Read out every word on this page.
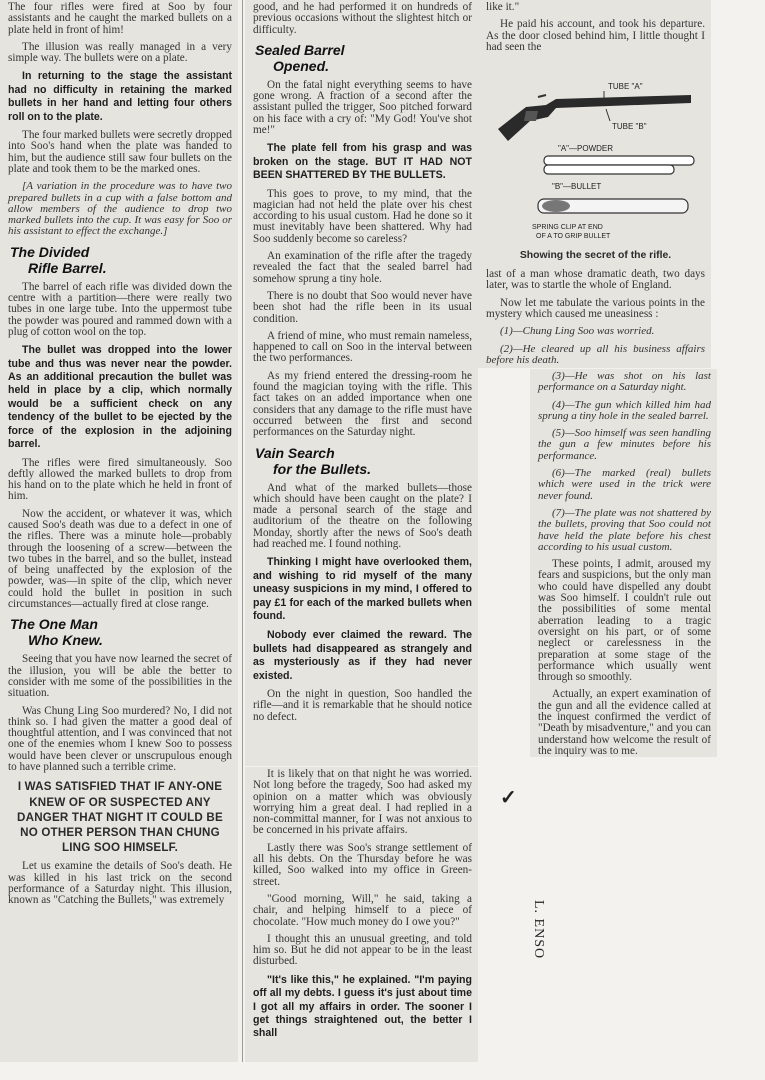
The four rifles were fired at Soo by four assistants and he caught the marked bullets on a plate held in front of him!

The illusion was really managed in a very simple way. The bullets were on a plate.

In returning to the stage the assistant had no difficulty in retaining the marked bullets in her hand and letting four others roll on to the plate.

The four marked bullets were secretly dropped into Soo's hand when the plate was handed to him, but the audience still saw four bullets on the plate and took them to be the marked ones.

[A variation in the procedure was to have two prepared bullets in a cup with a false bottom and allow members of the audience to drop two marked bullets into the cup. It was easy for Soo or his assistant to effect the exchange.]

The Divided
Rifle Barrel.

The barrel of each rifle was divided down the centre with a partition—there were really two tubes in one large tube. Into the uppermost tube the powder was poured and rammed down with a plug of cotton wool on the top.

The bullet was dropped into the lower tube and thus was never near the powder. As an additional precaution the bullet was held in place by a clip, which normally would be a sufficient check on any tendency of the bullet to be ejected by the force of the explosion in the adjoining barrel.

The rifles were fired simultaneously. Soo deftly allowed the marked bullets to drop from his hand on to the plate which he held in front of him.

Now the accident, or whatever it was, which caused Soo's death was due to a defect in one of the rifles. There was a minute hole—probably through the loosening of a screw—between the two tubes in the barrel, and so the bullet, instead of being unaffected by the explosion of the powder, was—in spite of the clip, which never could hold the bullet in position in such circumstances—actually fired at close range.

The One Man
Who Knew.

Seeing that you have now learned the secret of the illusion, you will be able the better to consider with me some of the possibilities in the situation.

Was Chung Ling Soo murdered? No, I did not think so. I had given the matter a good deal of thoughtful attention, and I was convinced that not one of the enemies whom I knew Soo to possess would have been clever or unscrupulous enough to have planned such a terrible crime.

I WAS SATISFIED THAT IF ANY-ONE KNEW OF OR SUSPECTED ANY DANGER THAT NIGHT IT COULD BE NO OTHER PERSON THAN CHUNG LING SOO HIMSELF.

Let us examine the details of Soo's death. He was killed in his last trick on the second performance of a Saturday night. This illusion, known as "Catching the Bullets," was extremely

good, and he had performed it on hundreds of previous occasions without the slightest hitch or difficulty.

Sealed Barrel
Opened.

On the fatal night everything seems to have gone wrong. A fraction of a second after the assistant pulled the trigger, Soo pitched forward on his face with a cry of: "My God! You've shot me!"

The plate fell from his grasp and was broken on the stage. BUT IT HAD NOT BEEN SHATTERED BY THE BULLETS.

This goes to prove, to my mind, that the magician had not held the plate over his chest according to his usual custom. Had he done so it must inevitably have been shattered. Why had Soo suddenly become so careless?

An examination of the rifle after the tragedy revealed the fact that the sealed barrel had somehow sprung a tiny hole.

There is no doubt that Soo would never have been shot had the rifle been in its usual condition.

A friend of mine, who must remain nameless, happened to call on Soo in the interval between the two performances.

As my friend entered the dressing-room he found the magician toying with the rifle. This fact takes on an added importance when one considers that any damage to the rifle must have occurred between the first and second performances on the Saturday night.

Vain Search
for the Bullets.

And what of the marked bullets—those which should have been caught on the plate? I made a personal search of the stage and auditorium of the theatre on the following Monday, shortly after the news of Soo's death had reached me. I found nothing.

Thinking I might have overlooked them, and wishing to rid myself of the many uneasy suspicions in my mind, I offered to pay £1 for each of the marked bullets when found.

Nobody ever claimed the reward. The bullets had disappeared as strangely and as mysteriously as if they had never existed.

On the night in question, Soo handled the rifle—and it is remarkable that he should notice no defect.

It is likely that on that night he was worried. Not long before the tragedy, Soo had asked my opinion on a matter which was obviously worrying him a great deal. I had replied in a non-committal manner, for I was not anxious to be concerned in his private affairs.

Lastly there was Soo's strange settlement of all his debts. On the Thursday before he was killed, Soo walked into my office in Green-street.

"Good morning, Will," he said, taking a chair, and helping himself to a piece of chocolate. "How much money do I owe you?"

I thought this an unusual greeting, and told him so. But he did not appear to be in the least disturbed.

"It's like this," he explained. "I'm paying off all my debts. I guess it's just about time I got all my affairs in order. The sooner I get things straightened out, the better I shall

like it."

He paid his account, and took his departure. As the door closed behind him, I little thought I had seen the

TUBE "A"
TUBE "B"
"A"—POWDER
"B"—BULLET
SPRING CLIP AT END
OF A TO GRIP BULLET

Showing the secret of the rifle.

last of a man whose dramatic death, two days later, was to startle the whole of England.

Now let me tabulate the various points in the mystery which caused me uneasiness :

(1)—Chung Ling Soo was worried.

(2)—He cleared up all his business affairs before his death.

(3)—He was shot on his last performance on a Saturday night.

(4)—The gun which killed him had sprung a tiny hole in the sealed barrel.

(5)—Soo himself was seen handling the gun a few minutes before his performance.

(6)—The marked (real) bullets which were used in the trick were never found.

(7)—The plate was not shattered by the bullets, proving that Soo could not have held the plate before his chest according to his usual custom.

These points, I admit, aroused my fears and suspicions, but the only man who could have dispelled any doubt was Soo himself. I couldn't rule out the possibilities of some mental aberration leading to a tragic oversight on his part, or of some neglect or carelessness in the preparation at some stage of the performance which usually went through so smoothly.

Actually, an expert examination of the gun and all the evidence called at the inquest confirmed the verdict of "Death by misadventure," and you can understand how welcome the result of the inquiry was to me.

✓
L. ENSO
